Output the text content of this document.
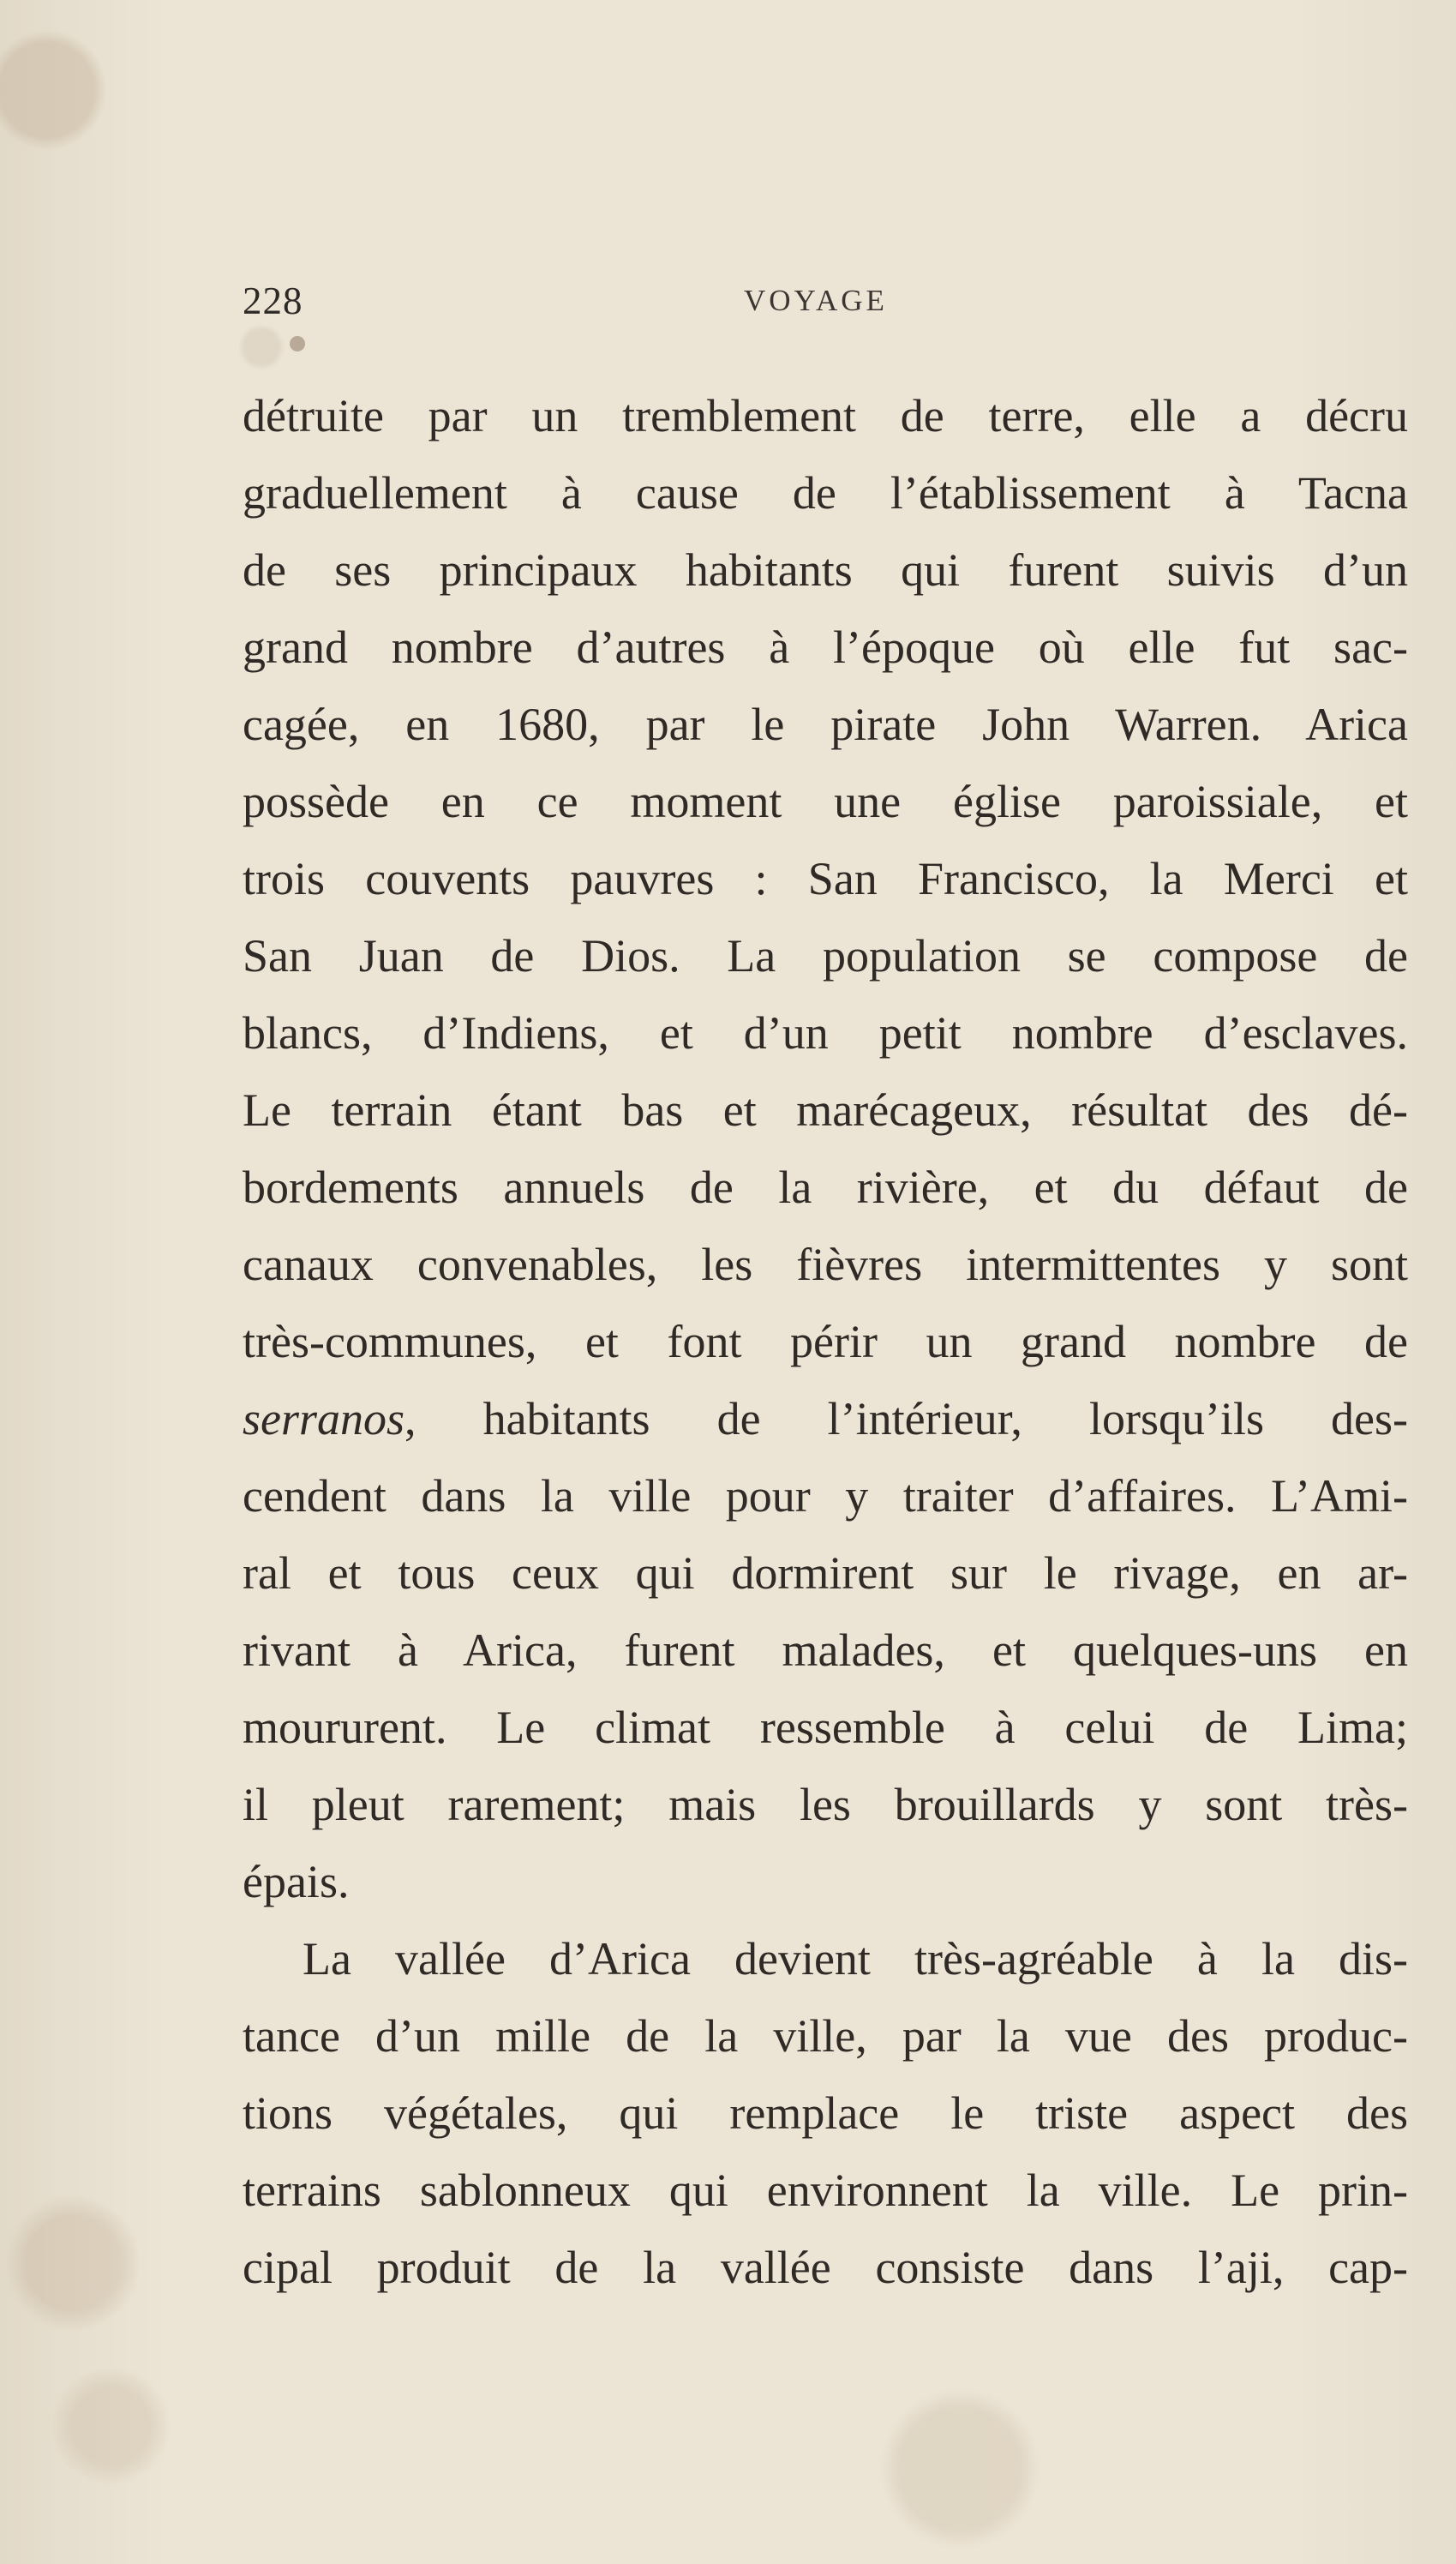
228	VOYAGE
détruite par un tremblement de terre, elle a décru
graduellement à cause de l’établissement à Tacna
de ses principaux habitants qui furent suivis d’un
grand nombre d’autres à l’époque où elle fut sac-
cagée, en 1680, par le pirate John Warren. Arica
possède en ce moment une église paroissiale, et
trois couvents pauvres : San Francisco, la Merci et
San Juan de Dios. La population se compose de
blancs, d’Indiens, et d’un petit nombre d’esclaves.
Le terrain étant bas et marécageux, résultat des dé-
bordements annuels de la rivière, et du défaut de
canaux convenables, les fièvres intermittentes y sont
très-communes, et font périr un grand nombre de
serranos, habitants de l’intérieur, lorsqu’ils des-
cendent dans la ville pour y traiter d’affaires. L’Ami-
ral et tous ceux qui dormirent sur le rivage, en ar-
rivant à Arica, furent malades, et quelques-uns en
moururent. Le climat ressemble à celui de Lima;
il pleut rarement; mais les brouillards y sont très-
épais.
La vallée d’Arica devient très-agréable à la dis-
tance d’un mille de la ville, par la vue des produc-
tions végétales, qui remplace le triste aspect des
terrains sablonneux qui environnent la ville. Le prin-
cipal produit de la vallée consiste dans l’aji, cap-
